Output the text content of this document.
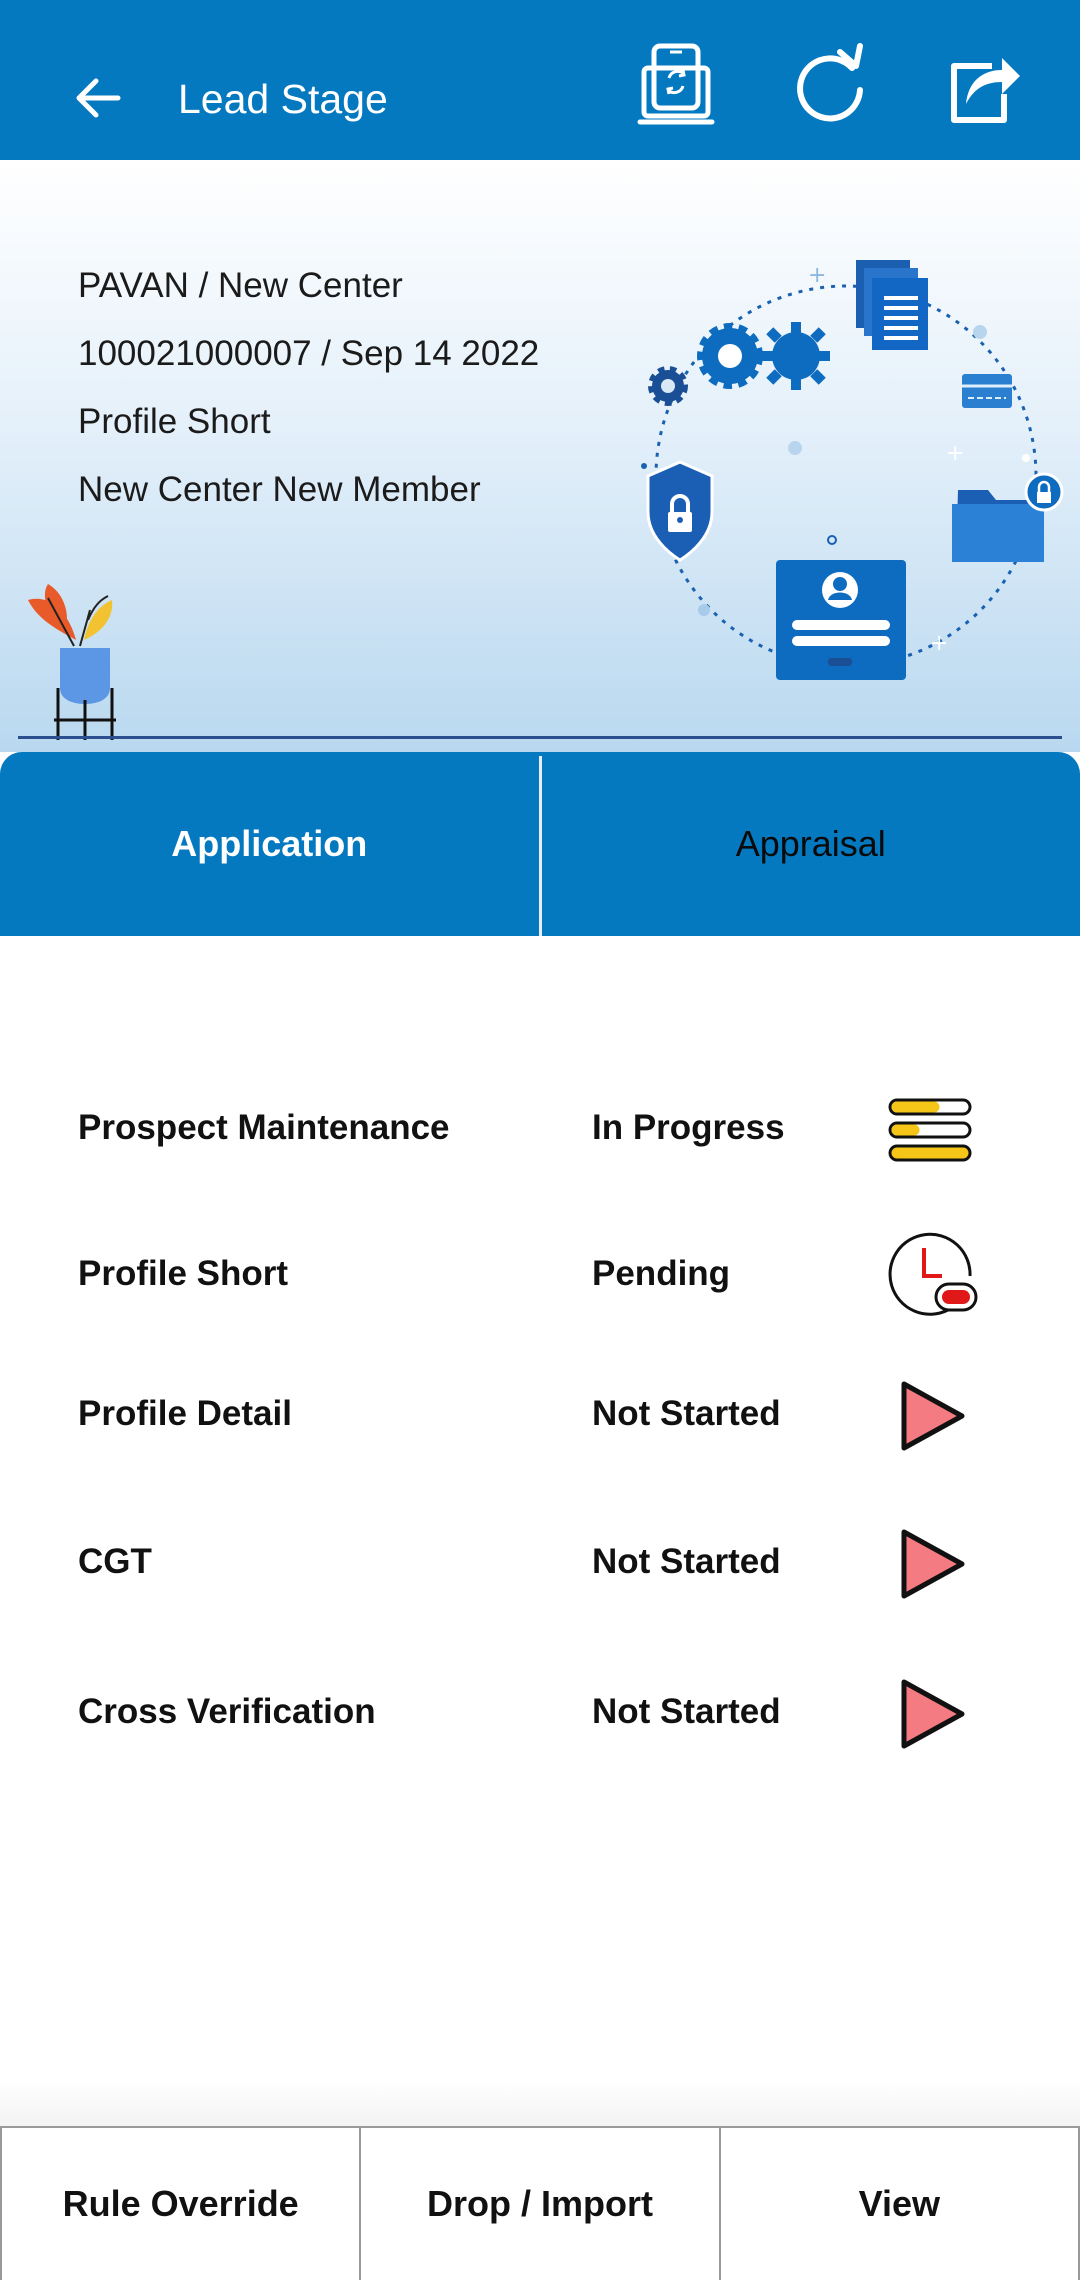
Lead Stage
PAVAN / New Center
100021000007 / Sep 14 2022
Profile Short
New Center New Member
+
+
+
Application	Appraisal
Prospect Maintenance	In Progress
Profile Short	Pending
Profile Detail	Not Started
CGT	Not Started
Cross Verification	Not Started
Rule Override	Drop / Import	View
